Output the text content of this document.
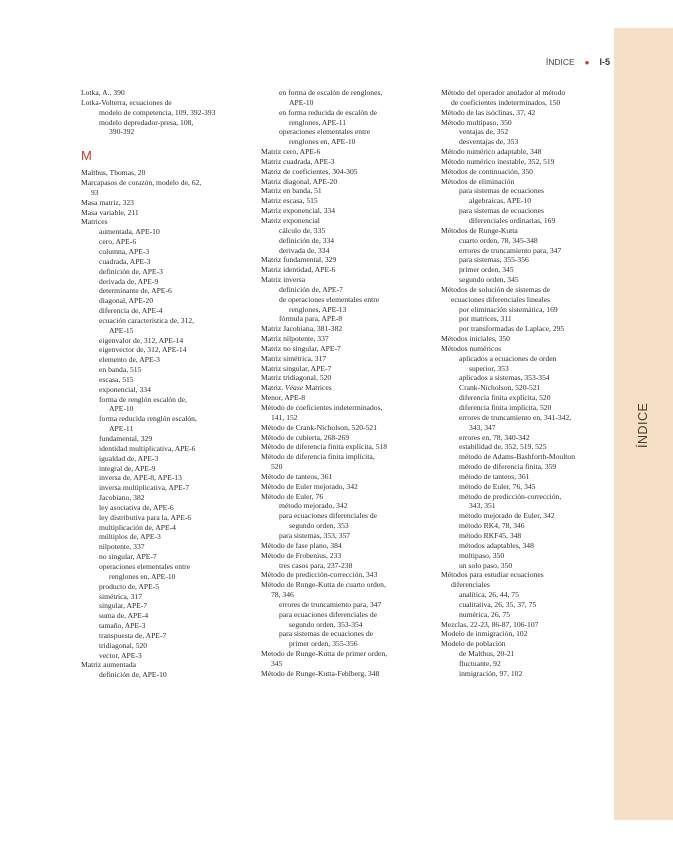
ÍNDICE
ÍNDICE ● I-5
Lotka, A., 390
Lotka-Volterra, ecuaciones de
modelo de competencia, 109, 392-393
modelo depredador-presa, 108,
390-392
M
Malthus, Thomas, 20
Marcapasos de corazón, modelo de, 62,
93
Masa matriz, 323
Masa variable, 211
Matrices
aumentada, APE-10
cero, APE-6
columna, APE-3
cuadrada, APE-3
definición de, APE-3
derivada de, APE-9
determinante de, APE-6
diagonal, APE-20
diferencia de, APE-4
ecuación característica de, 312,
APE-15
eigenvalor de, 312, APE-14
eigenvector de, 312, APE-14
elemento de, APE-3
en banda, 515
escasa, 515
exponencial, 334
forma de renglón escalón de,
APE-10
forma reducida renglón escalón,
APE-11
fundamental, 329
identidad multiplicativa, APE-6
igualdad de, APE-3
integral de, APE-9
inversa de, APE-8, APE-13
inversa multiplicativa, APE-7
Jacobiano, 382
ley asociativa de, APE-6
ley distributiva para la, APE-6
multiplicación de, APE-4
múltiplos de, APE-3
nilpotente, 337
no singular, APE-7
operaciones elementales entre
renglones en, APE-10
producto de, APE-5
simétrica, 317
singular, APE-7
suma de, APE-4
tamaño, APE-3
transpuesta de, APE-7
tridiagonal, 520
vector, APE-3
Matriz aumentada
definición de, APE-10
en forma de escalón de renglones,
APE-10
en forma reducida de escalón de
renglones, APE-11
operaciones elementales entre
renglones en, APE-10
Matriz cero, APE-6
Matriz cuadrada, APE-3
Matriz de coeficientes, 304-305
Matriz diagonal, APE-20
Matriz en banda, 51
Matriz escasa, 515
Matriz exponencial, 334
Matriz exponencial
cálculo de, 335
definición de, 334
derivada de, 334
Matriz fundamental, 329
Matriz identidad, APE-6
Matriz inversa
definición de, APE-7
de operaciones elementales entre
renglones, APE-13
fórmula para, APE-8
Matriz Jacobiana, 381-382
Matriz nilpotente, 337
Matriz no singular, APE-7
Matriz simétrica, 317
Matriz singular, APE-7
Matriz tridiagonal, 520
Matriz. Véase Matrices
Menor, APE-8
Método de coeficientes indeterminados,
141, 152
Método de Crank-Nicholson, 520-521
Método de cubierta, 268-269
Método de diferencia finita explícita, 518
Método de diferencia finita implícita,
520
Método de tanteos, 361
Método de Euler mejorado, 342
Método de Euler, 76
método mejorado, 342
para ecuaciones diferenciales de
segundo orden, 353
para sistemas, 353, 357
Método de fase plano, 384
Método de Frobenius, 233
tres casos para, 237-238
Método de predicción-corrección, 343
Método de Runge-Kutta de cuarto orden,
78, 346
errores de truncamiento para, 347
para ecuaciones diferenciales de
segundo orden, 353-354
para sistemas de ecuaciones de
primer orden, 355-356
Metodo de Runge-Kutta de primer orden,
345
Método de Runge-Kutta-Fehlberg, 348
Método del operador anulador al método
de coeficientes indeterminados, 150
Método de las isóclinas, 37, 42
Método multipaso, 350
ventajas de, 352
desventajas de, 353
Método numérico adaptable, 348
Método numérico inestable, 352, 519
Métodos de continuación, 350
Métodos de eliminación
para sistemas de ecuaciones
algebraicas, APE-10
para sistemas de ecuaciones
diferenciales ordinarias, 169
Métodos de Runge-Kutta
cuarto orden, 78, 345-348
errores de truncamiento para, 347
para sistemas, 355-356
primer orden, 345
segundo orden, 345
Métodos de solución de sistemas de
ecuaciones diferenciales lineales
por eliminación sistemática, 169
por matrices, 311
por transformadas de Laplace, 295
Métodos iniciales, 350
Métodos numéricos
aplicados a ecuaciones de orden
superior, 353
aplicados a sistemas, 353-354
Crank-Nicholson, 520-521
diferencia finita explícita, 520
diferencia finita implícita, 520
errores de truncamiento en, 341-342,
343, 347
errores en, 78, 340-342
estabilidad de, 352, 519, 525
método de Adams-Bashforth-Moulton
método de diferencia finita, 359
método de tanteos, 361
método de Euler, 76, 345
método de predicción-corrección,
343, 351
método mejorado de Euler, 342
método RK4, 78, 346
método RKF45, 348
métodos adaptables, 348
multipaso, 350
un solo paso, 350
Métodos para estudiar ecuaciones
diferenciales
analítica, 26, 44, 75
cualitativa, 26, 35, 37, 75
numérica, 26, 75
Mezclas, 22-23, 86-87, 106-107
Modelo de inmigración, 102
Modelo de población
de Malthus, 20-21
fluctuante, 92
inmigración, 97, 102
